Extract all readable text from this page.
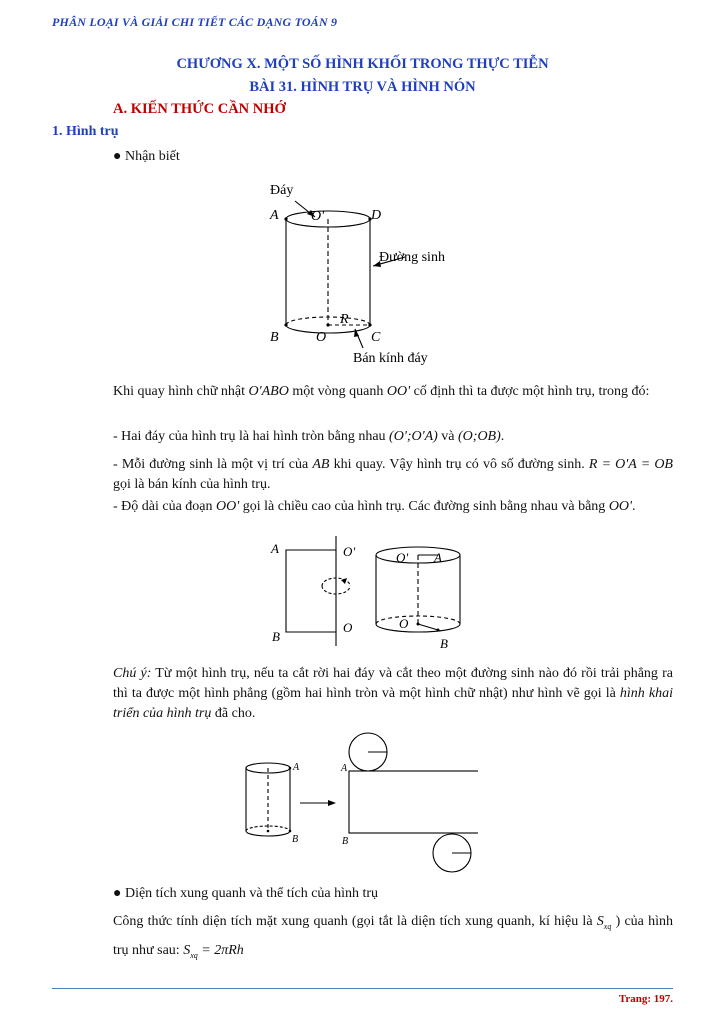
PHÂN LOẠI VÀ GIẢI CHI TIẾT CÁC DẠNG TOÁN 9
CHƯƠNG X. MỘT SỐ HÌNH KHỐI TRONG THỰC TIỄN
BÀI 31. HÌNH TRỤ VÀ HÌNH NÓN
A. KIẾN THỨC CẦN NHỚ
1. Hình trụ
● Nhận biết
Đáy
A O'	D
Đường sinh
R
B	O	C
Bán kính đáy
Khi quay hình chữ nhật O'ABO một vòng quanh OO' cố định thì ta được một hình trụ, trong đó:
- Hai đáy của hình trụ là hai hình tròn bằng nhau (O';O'A) và (O;OB).
- Mỗi đường sinh là một vị trí của AB khi quay. Vậy hình trụ có vô số đường sinh. R = O'A = OB gọi là bán kính của hình trụ.
- Độ dài của đoạn OO' gọi là chiều cao của hình trụ. Các đường sinh bằng nhau và bằng OO'.
A	O'
B
O
O' A
O
B
Chú ý: Từ một hình trụ, nếu ta cắt rời hai đáy và cắt theo một đường sinh nào đó rồi trải phẳng ra thì ta được một hình phẳng (gồm hai hình tròn và một hình chữ nhật) như hình vẽ gọi là hình khai triển của hình trụ đã cho.
A
B
A
B
● Diện tích xung quanh và thể tích của hình trụ
Công thức tính diện tích mặt xung quanh (gọi tắt là diện tích xung quanh, kí hiệu là $S_{xq}$ ) của hình trụ như sau: $S_{xq} = 2\pi Rh$
Trang: 197.
